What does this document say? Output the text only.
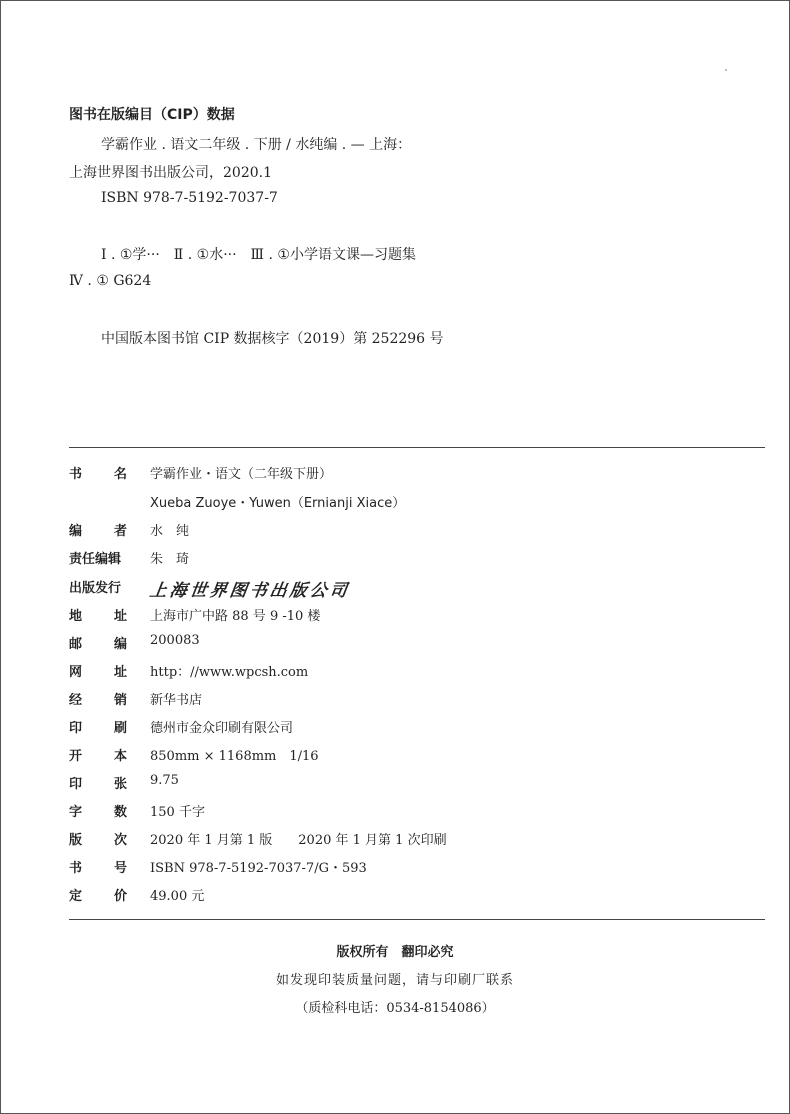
图书在版编目（CIP）数据
学霸作业 . 语文二年级 . 下册 / 水纯编 . — 上海：
上海世界图书出版公司，2020.1
ISBN 978-7-5192-7037-7
Ⅰ . ①学···　Ⅱ . ①水···　Ⅲ . ①小学语文课—习题集
Ⅳ . ① G624
中国版本图书馆 CIP 数据核字（2019）第 252296 号
书 名 学霸作业・语文（二年级下册）
Xueba Zuoye・Yuwen（Ernianji Xiace）
编 者 水　纯
责任编辑 朱　琦
出版发行 上海世界图书出版公司
地 址 上海市广中路 88 号 9 -10 楼
邮 编 200083
网 址 http：//www.wpcsh.com
经 销 新华书店
印 刷 德州市金众印刷有限公司
开 本 850mm × 1168mm　1/16
印 张 9.75
字 数 150 千字
版 次 2020 年 1 月第 1 版　　2020 年 1 月第 1 次印刷
书 号 ISBN 978-7-5192-7037-7/G・593
定 价 49.00 元
版权所有　翻印必究
如发现印装质量问题，请与印刷厂联系
（质检科电话：0534-8154086）
